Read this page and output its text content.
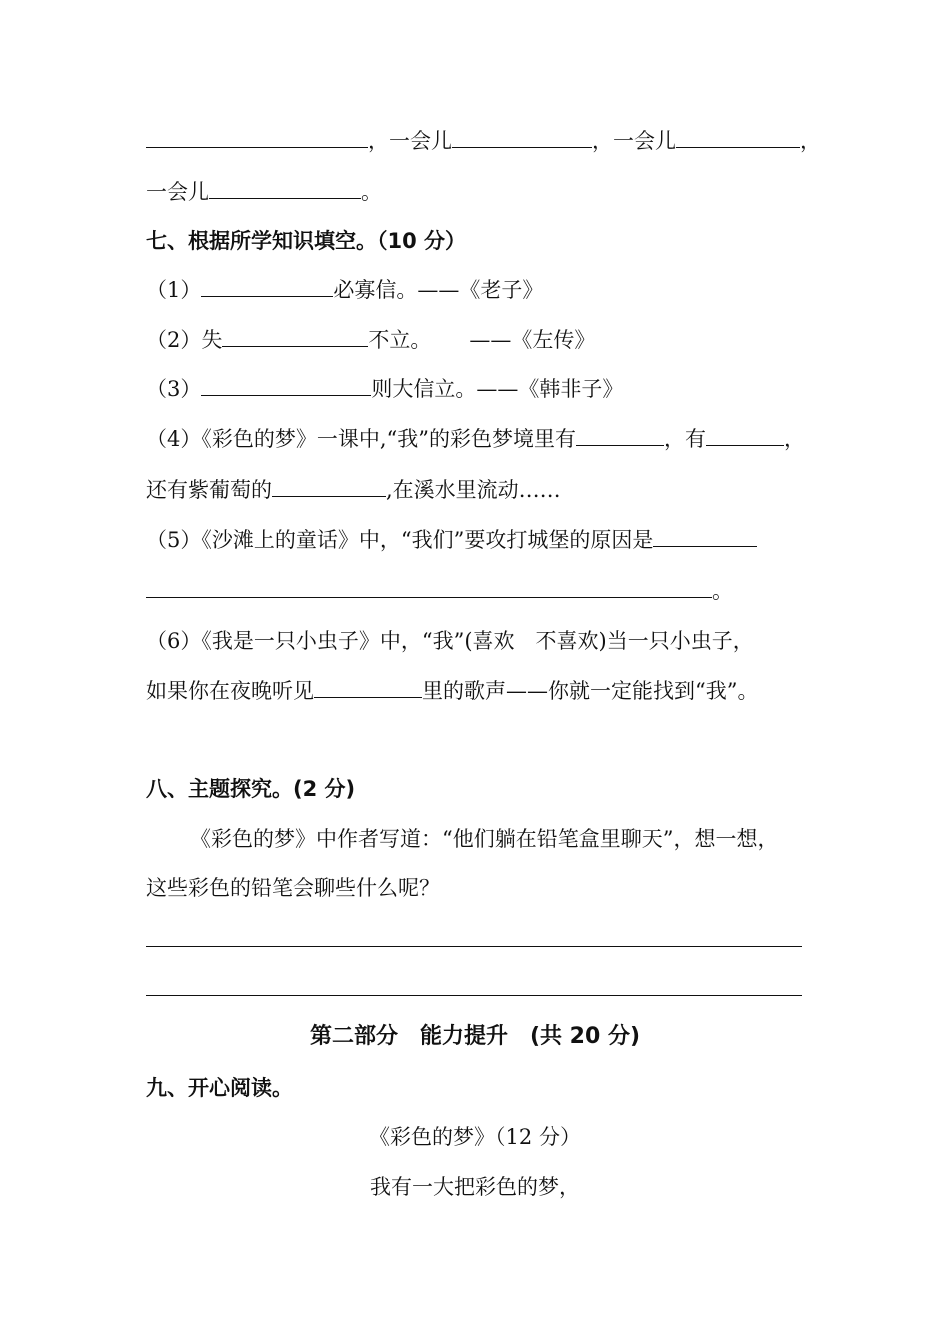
，一会儿	，一会儿	，
一会儿	。
七、根据所学知识填空。（10 分）
（1）	必寡信。——《老子》
（2）失	不立。 ——《左传》
（3）	则大信立。——《韩非子》
（4）《彩色的梦》一课中,“我”的彩色梦境里有	，有	，
还有紫葡萄的	,在溪水里流动……
（5）《沙滩上的童话》中，“我们”要攻打城堡的原因是
。
（6）《我是一只小虫子》中，“我”(喜欢　不喜欢)当一只小虫子，
如果你在夜晚听见	里的歌声——你就一定能找到“我”。
八、主题探究。(2 分)
《彩色的梦》中作者写道：“他们躺在铅笔盒里聊天”，想一想，
这些彩色的铅笔会聊些什么呢？
第二部分　能力提升　(共 20 分)
九、开心阅读。
《彩色的梦》（12 分）
我有一大把彩色的梦，
